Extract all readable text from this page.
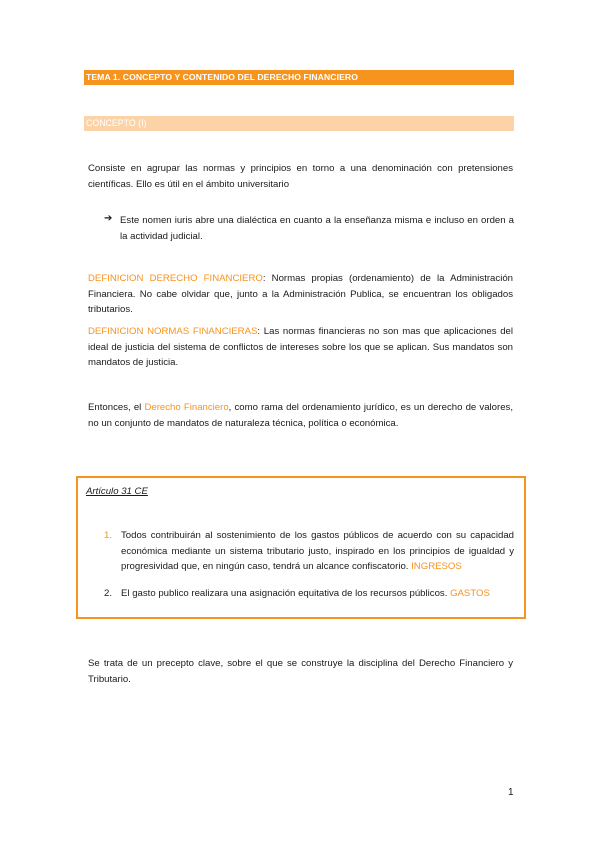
TEMA 1. CONCEPTO Y CONTENIDO DEL DERECHO FINANCIERO
CONCEPTO (I)
Consiste en agrupar las normas y principios en torno a una denominación con pretensiones científicas. Ello es útil en el ámbito universitario
➔ Este nomen iuris abre una dialéctica en cuanto a la enseñanza misma e incluso en orden a la actividad judicial.
DEFINICION DERECHO FINANCIERO: Normas propias (ordenamiento) de la Administración Financiera. No cabe olvidar que, junto a la Administración Publica, se encuentran los obligados tributarios.
DEFINICION NORMAS FINANCIERAS: Las normas financieras no son mas que aplicaciones del ideal de justicia del sistema de conflictos de intereses sobre los que se aplican. Sus mandatos son mandatos de justicia.
Entonces, el Derecho Financiero, como rama del ordenamiento jurídico, es un derecho de valores, no un conjunto de mandatos de naturaleza técnica, política o económica.
Artículo 31 CE
1. Todos contribuirán al sostenimiento de los gastos públicos de acuerdo con su capacidad económica mediante un sistema tributario justo, inspirado en los principios de igualdad y progresividad que, en ningún caso, tendrá un alcance confiscatorio. INGRESOS
2. El gasto publico realizara una asignación equitativa de los recursos públicos. GASTOS
Se trata de un precepto clave, sobre el que se construye la disciplina del Derecho Financiero y Tributario.
1
